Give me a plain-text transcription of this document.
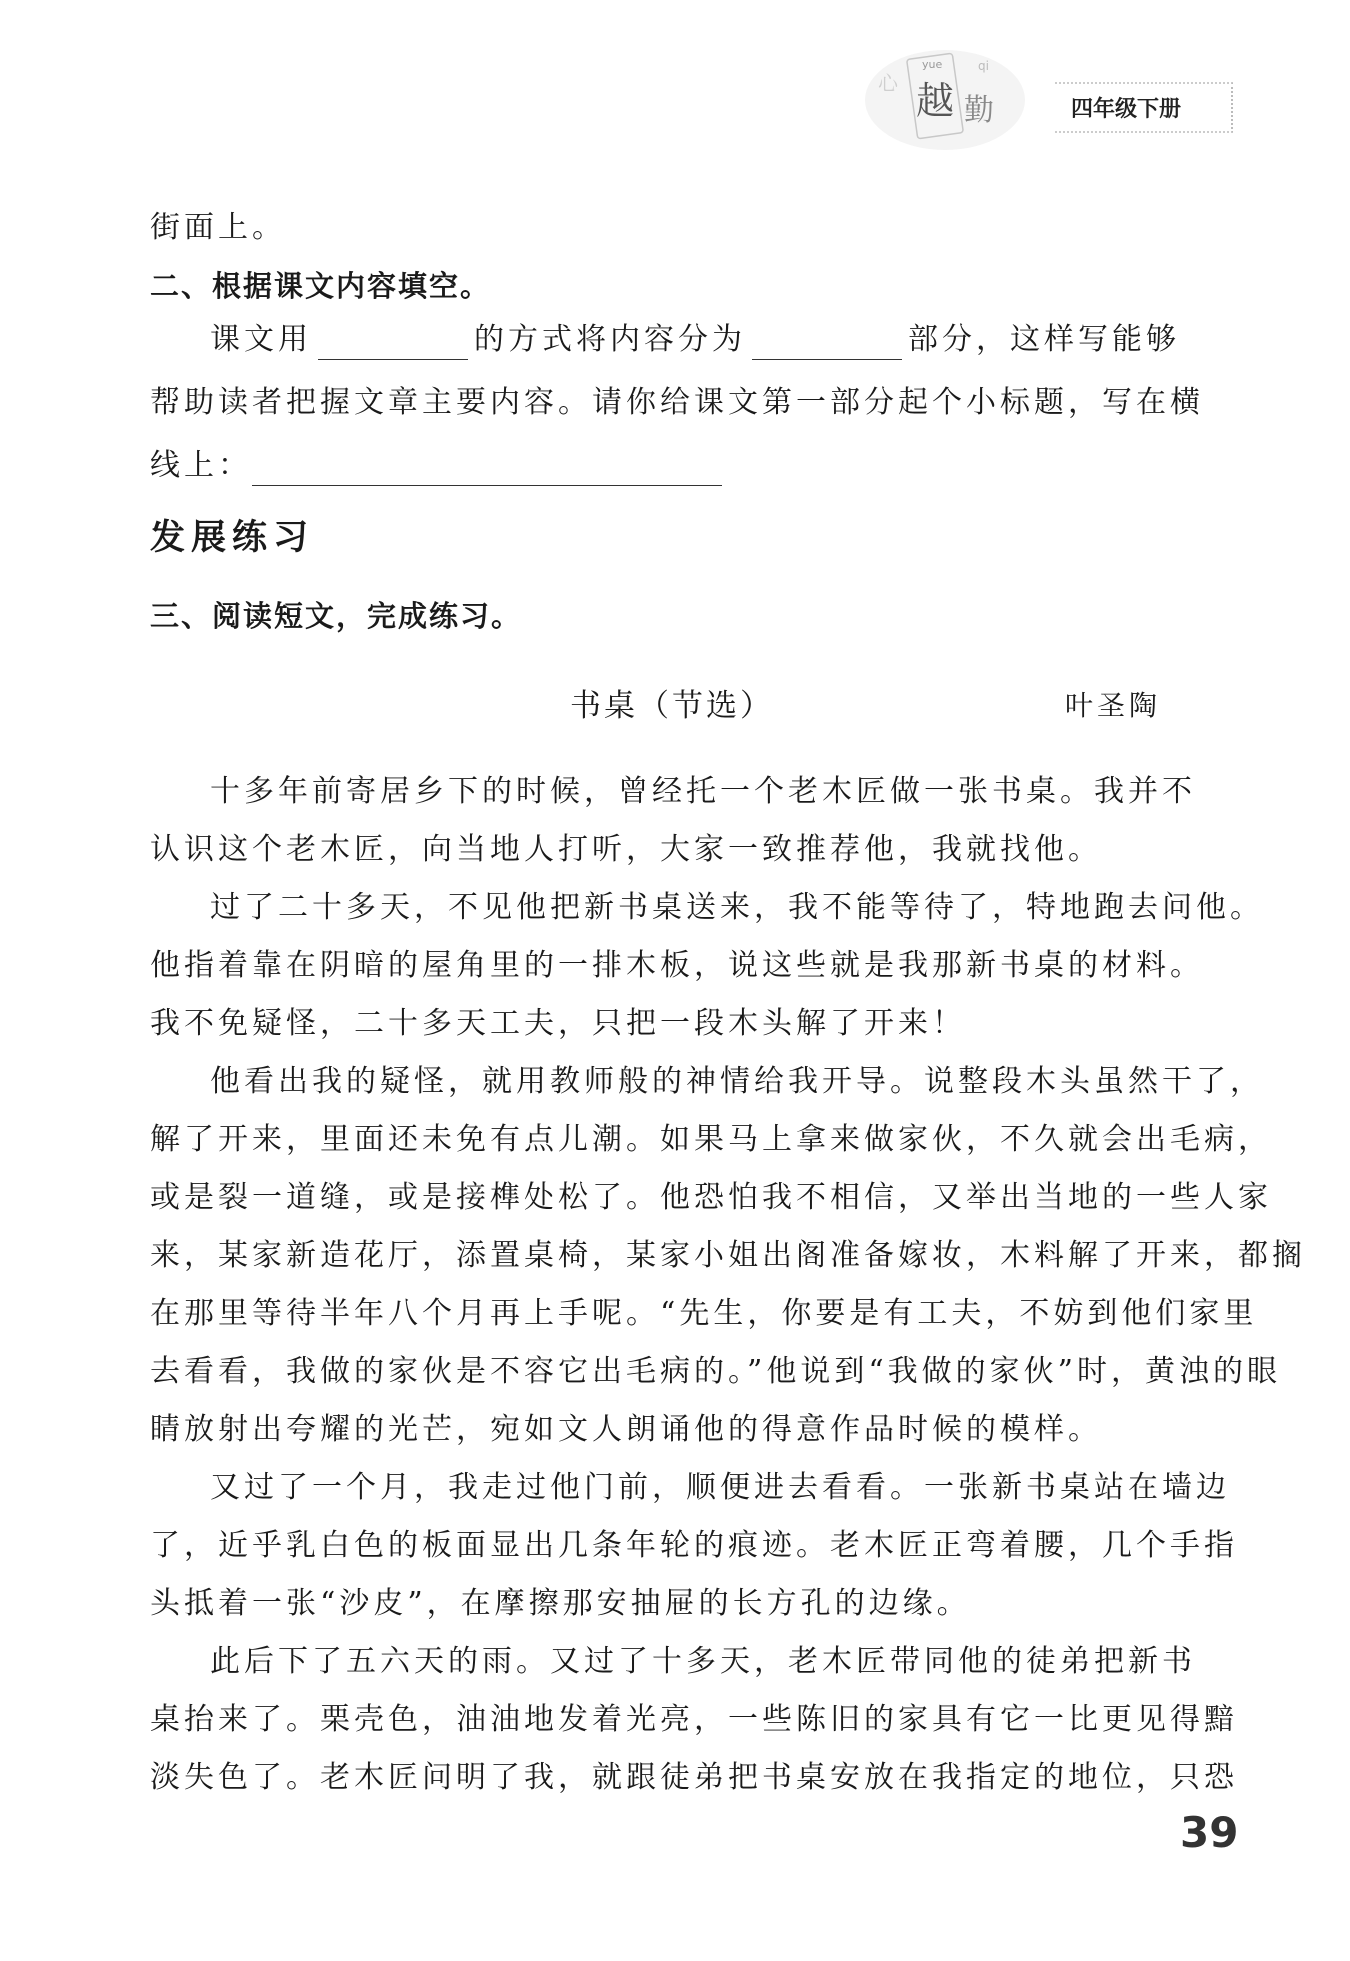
心
yue
越
qi
勤	四年级下册
街面上。
二、根据课文内容填空。
课文用	的方式将内容分为	部分，这样写能够
帮助读者把握文章主要内容。请你给课文第一部分起个小标题，写在横
线上：
发展练习
三、阅读短文，完成练习。
书桌（节选）	叶圣陶
十多年前寄居乡下的时候，曾经托一个老木匠做一张书桌。我并不
认识这个老木匠，向当地人打听，大家一致推荐他，我就找他。
过了二十多天，不见他把新书桌送来，我不能等待了，特地跑去问他。
他指着靠在阴暗的屋角里的一排木板，说这些就是我那新书桌的材料。
我不免疑怪，二十多天工夫，只把一段木头解了开来！
他看出我的疑怪，就用教师般的神情给我开导。说整段木头虽然干了，
解了开来，里面还未免有点儿潮。如果马上拿来做家伙，不久就会出毛病，
或是裂一道缝，或是接榫处松了。他恐怕我不相信，又举出当地的一些人家
来，某家新造花厅，添置桌椅，某家小姐出阁准备嫁妆，木料解了开来，都搁
在那里等待半年八个月再上手呢。“先生，你要是有工夫，不妨到他们家里
去看看，我做的家伙是不容它出毛病的。”他说到“我做的家伙”时，黄浊的眼
睛放射出夸耀的光芒，宛如文人朗诵他的得意作品时候的模样。
又过了一个月，我走过他门前，顺便进去看看。一张新书桌站在墙边
了，近乎乳白色的板面显出几条年轮的痕迹。老木匠正弯着腰，几个手指
头抵着一张“沙皮”，在摩擦那安抽屉的长方孔的边缘。
此后下了五六天的雨。又过了十多天，老木匠带同他的徒弟把新书
桌抬来了。栗壳色，油油地发着光亮，一些陈旧的家具有它一比更见得黯
淡失色了。老木匠问明了我，就跟徒弟把书桌安放在我指定的地位，只恐
39
